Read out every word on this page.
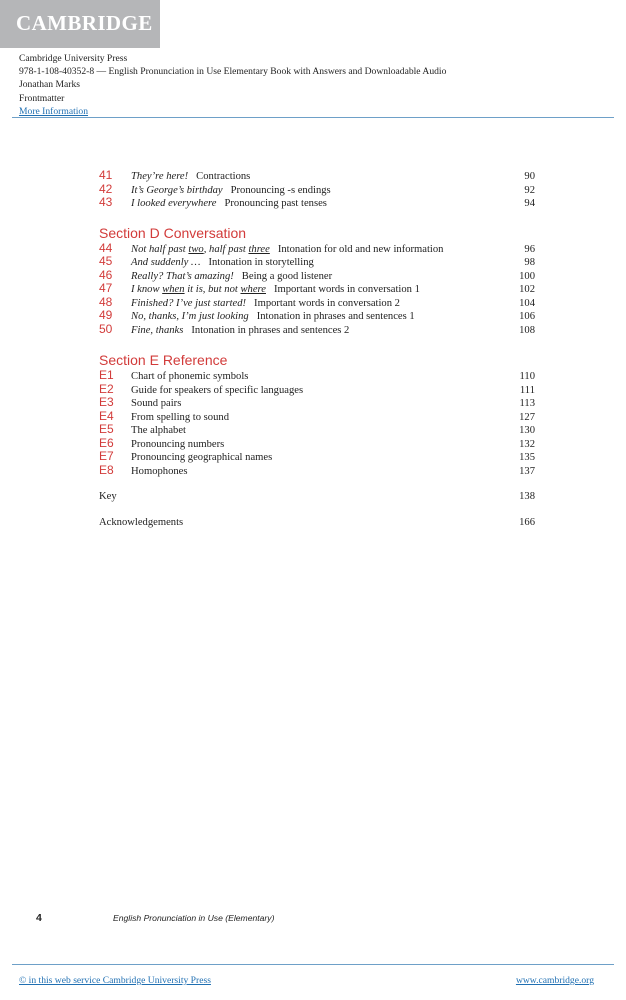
CAMBRIDGE
Cambridge University Press
978-1-108-40352-8 — English Pronunciation in Use Elementary Book with Answers and Downloadable Audio
Jonathan Marks
Frontmatter
More Information
41 They’re here! Contractions	90
42 It’s George’s birthday Pronouncing -s endings	92
43 I looked everywhere Pronouncing past tenses	94
Section D Conversation
44 Not half past two, half past three Intonation for old and new information	96
45 And suddenly … Intonation in storytelling	98
46 Really? That’s amazing! Being a good listener	100
47 I know when it is, but not where Important words in conversation 1	102
48 Finished? I’ve just started! Important words in conversation 2	104
49 No, thanks, I’m just looking Intonation in phrases and sentences 1	106
50 Fine, thanks Intonation in phrases and sentences 2	108
Section E Reference
E1 Chart of phonemic symbols	110
E2 Guide for speakers of specific languages	111
E3 Sound pairs	113
E4 From spelling to sound	127
E5 The alphabet	130
E6 Pronouncing numbers	132
E7 Pronouncing geographical names	135
E8 Homophones	137
Key	138
Acknowledgements	166
4	English Pronunciation in Use (Elementary)
© in this web service Cambridge University Press	www.cambridge.org
